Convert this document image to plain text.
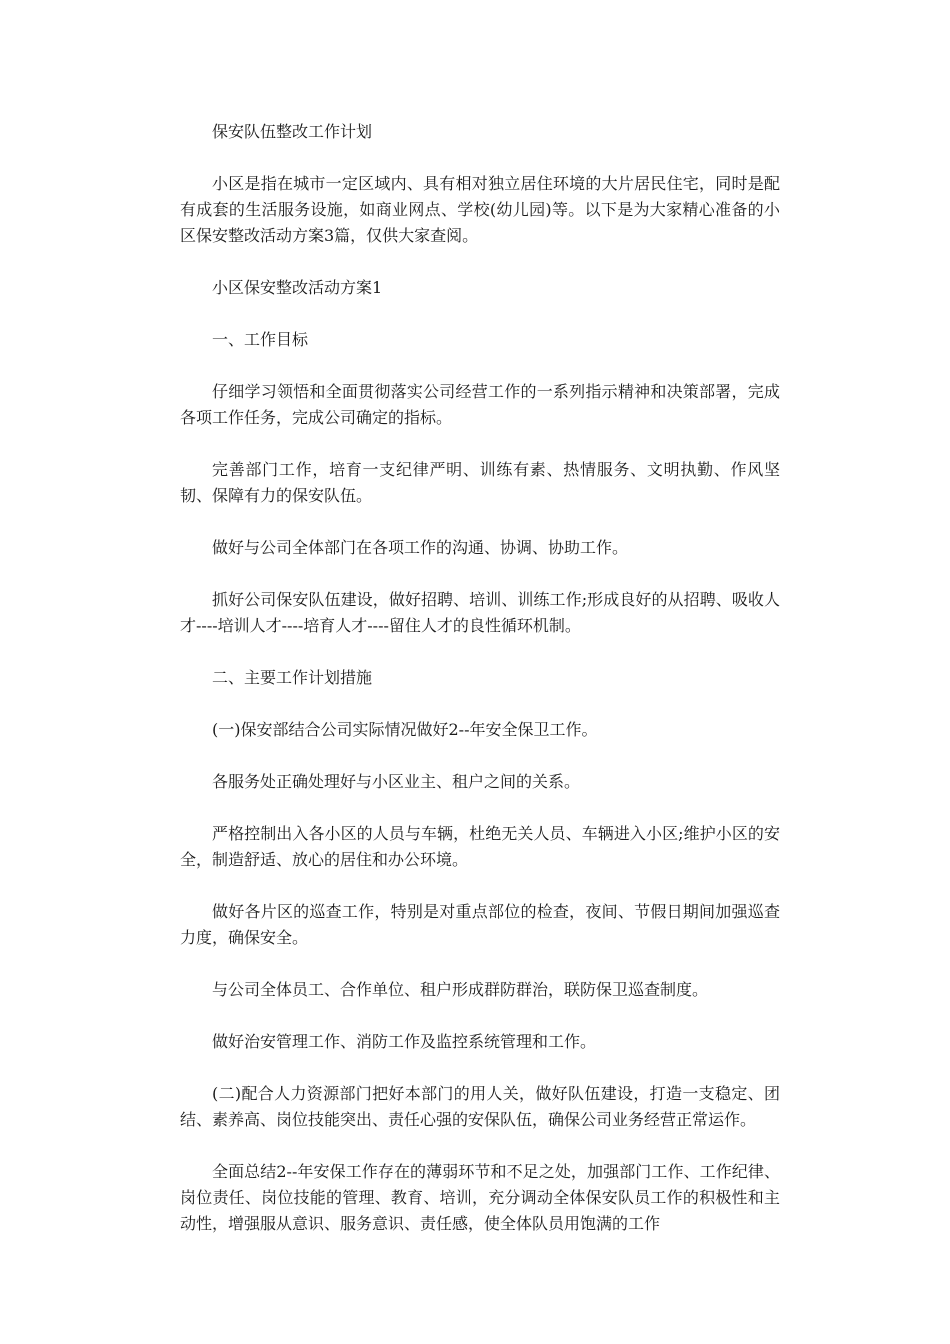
保安队伍整改工作计划

小区是指在城市一定区域内、具有相对独立居住环境的大片居民住宅，同时是配有成套的生活服务设施，如商业网点、学校(幼儿园)等。以下是为大家精心准备的小区保安整改活动方案3篇，仅供大家查阅。

小区保安整改活动方案1

一、工作目标

仔细学习领悟和全面贯彻落实公司经营工作的一系列指示精神和决策部署，完成各项工作任务，完成公司确定的指标。

完善部门工作，培育一支纪律严明、训练有素、热情服务、文明执勤、作风坚韧、保障有力的保安队伍。

做好与公司全体部门在各项工作的沟通、协调、协助工作。

抓好公司保安队伍建设，做好招聘、培训、训练工作;形成良好的从招聘、吸收人才----培训人才----培育人才----留住人才的良性循环机制。

二、主要工作计划措施

(一)保安部结合公司实际情况做好2--年安全保卫工作。

各服务处正确处理好与小区业主、租户之间的关系。

严格控制出入各小区的人员与车辆，杜绝无关人员、车辆进入小区;维护小区的安全，制造舒适、放心的居住和办公环境。

做好各片区的巡查工作，特别是对重点部位的检查，夜间、节假日期间加强巡查力度，确保安全。

与公司全体员工、合作单位、租户形成群防群治，联防保卫巡查制度。

做好治安管理工作、消防工作及监控系统管理和工作。

(二)配合人力资源部门把好本部门的用人关，做好队伍建设，打造一支稳定、团结、素养高、岗位技能突出、责任心强的安保队伍，确保公司业务经营正常运作。

全面总结2--年安保工作存在的薄弱环节和不足之处，加强部门工作、工作纪律、岗位责任、岗位技能的管理、教育、培训，充分调动全体保安队员工作的积极性和主动性，增强服从意识、服务意识、责任感，使全体队员用饱满的工作
